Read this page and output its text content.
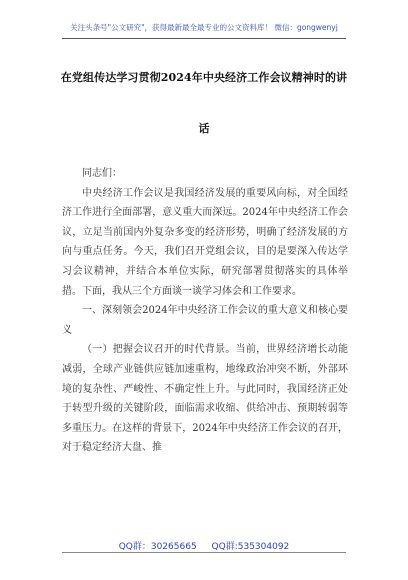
关注头条号"公文研究"，获得最新最全最专业的公文资料库！ 微信：gongwenyj
在党组传达学习贯彻2024年中央经济工作会议精神时的讲
话

同志们：

中央经济工作会议是我国经济发展的重要风向标，对全国经济工作进行全面部署，意义重大而深远。2024年中央经济工作会议，立足当前国内外复杂多变的经济形势，明确了经济发展的方向与重点任务。今天，我们召开党组会议，目的是要深入传达学习会议精神，并结合本单位实际，研究部署贯彻落实的具体举措。下面，我从三个方面谈一谈学习体会和工作要求。

一、深刻领会2024年中央经济工作会议的重大意义和核心要义

（一）把握会议召开的时代背景。当前，世界经济增长动能减弱，全球产业链供应链加速重构，地缘政治冲突不断，外部环境的复杂性、严峻性、不确定性上升。与此同时，我国经济正处于转型升级的关键阶段，面临需求收缩、供给冲击、预期转弱等多重压力。在这样的背景下，2024年中央经济工作会议的召开，对于稳定经济大盘、推

QQ群：30265665 QQ群:535304092
